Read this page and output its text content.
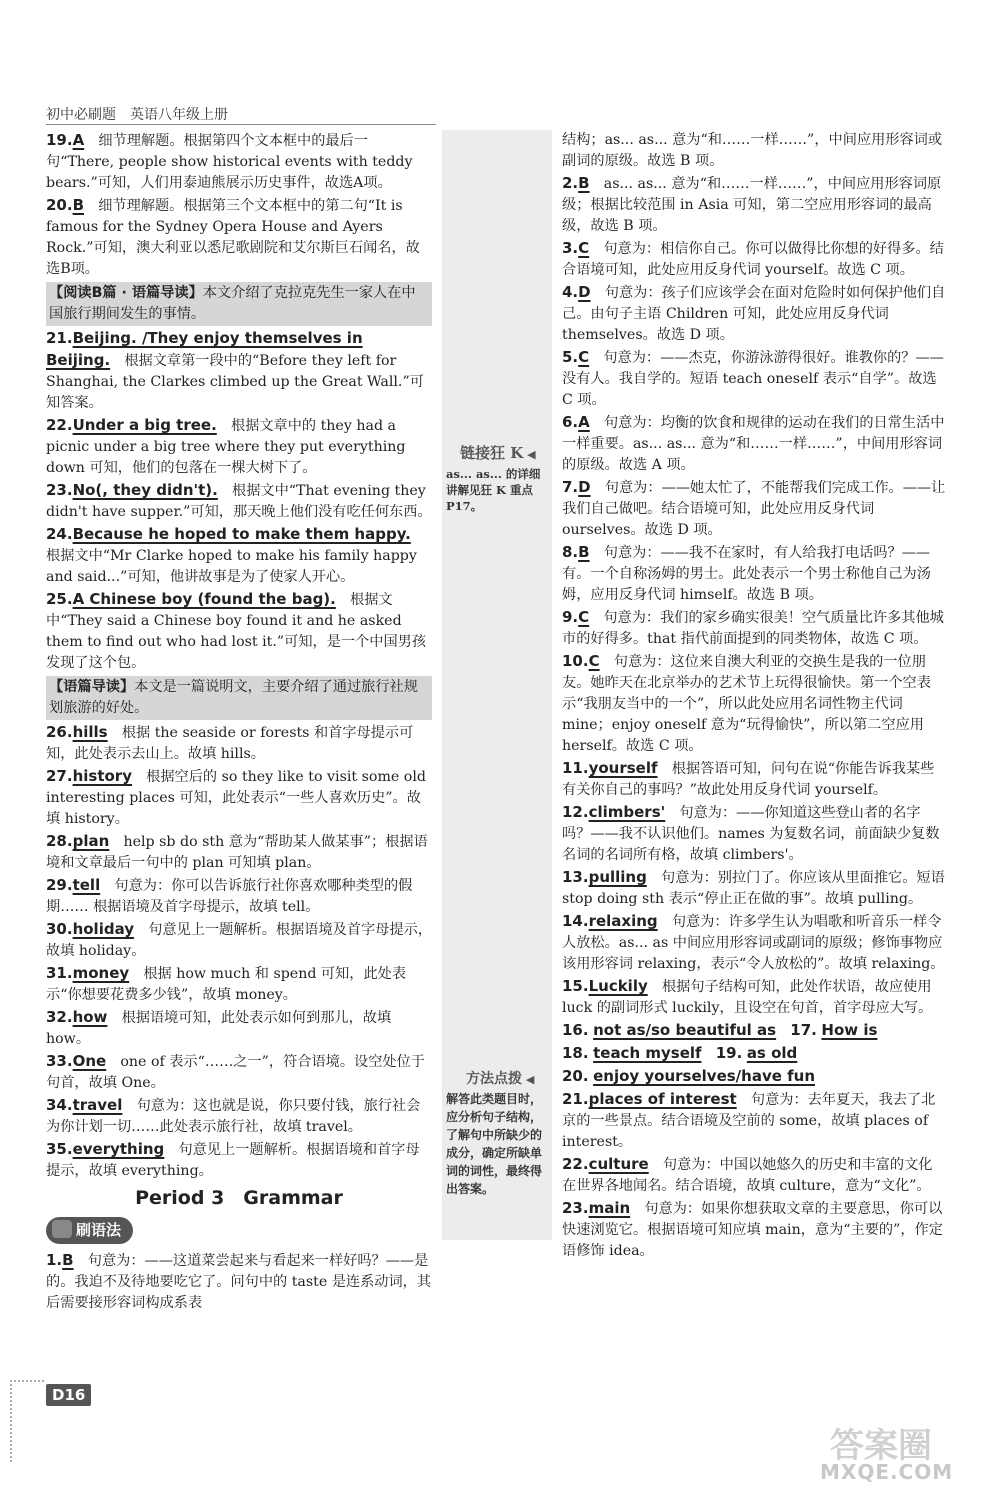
初中必刷题　英语八年级上册
链接狂 K ◀
as... as... 的详细讲解见狂 K 重点 P17。
方法点拨 ◀
解答此类题目时，应分析句子结构，了解句中所缺少的成分，确定所缺单词的词性，最终得出答案。
19.A  细节理解题。根据第四个文本框中的最后一句“There, people show historical events with teddy bears.”可知，人们用泰迪熊展示历史事件，故选A项。
20.B  细节理解题。根据第三个文本框中的第二句“It is famous for the Sydney Opera House and Ayers Rock.”可知，澳大利亚以悉尼歌剧院和艾尔斯巨石闻名，故选B项。
【阅读B篇 · 语篇导读】本文介绍了克拉克先生一家人在中国旅行期间发生的事情。
21.Beijing. /They enjoy themselves in Beijing.  根据文章第一段中的“Before they left for Shanghai, the Clarkes climbed up the Great Wall.”可知答案。
22.Under a big tree.  根据文章中的 they had a picnic under a big tree where they put everything down 可知，他们的包落在一棵大树下了。
23.No(, they didn't).  根据文中“That evening they didn't have supper.”可知，那天晚上他们没有吃任何东西。
24.Because he hoped to make them happy. 根据文中“Mr Clarke hoped to make his family happy and said...”可知，他讲故事是为了使家人开心。
25.A Chinese boy (found the bag).  根据文中“They said a Chinese boy found it and he asked them to find out who had lost it.”可知，是一个中国男孩发现了这个包。
【语篇导读】本文是一篇说明文，主要介绍了通过旅行社规划旅游的好处。
26.hills  根据 the seaside or forests 和首字母提示可知，此处表示去山上。故填 hills。
27.history  根据空后的 so they like to visit some old interesting places 可知，此处表示“一些人喜欢历史”。故填 history。
28.plan  help sb do sth 意为“帮助某人做某事”；根据语境和文章最后一句中的 plan 可知填 plan。
29.tell  句意为：你可以告诉旅行社你喜欢哪种类型的假期…… 根据语境及首字母提示，故填 tell。
30.holiday  句意见上一题解析。根据语境及首字母提示，故填 holiday。
31.money  根据 how much 和 spend 可知，此处表示“你想要花费多少钱”，故填 money。
32.how  根据语境可知，此处表示如何到那儿，故填 how。
33.One  one of 表示“……之一”，符合语境。设空处位于句首，故填 One。
34.travel  句意为：这也就是说，你只要付钱，旅行社会为你计划一切……此处表示旅行社，故填 travel。
35.everything  句意见上一题解析。根据语境和首字母提示，故填 everything。
Period 3　Grammar
刷语法
1.B  句意为：——这道菜尝起来与看起来一样好吗？——是的。我迫不及待地要吃它了。问句中的 taste 是连系动词，其后需要接形容词构成系表
结构；as... as... 意为“和……一样……”，中间应用形容词或副词的原级。故选 B 项。
2.B  as... as... 意为“和……一样……”，中间应用形容词原级；根据比较范围 in Asia 可知，第二空应用形容词的最高级，故选 B 项。
3.C  句意为：相信你自己。你可以做得比你想的好得多。结合语境可知，此处应用反身代词 yourself。故选 C 项。
4.D  句意为：孩子们应该学会在面对危险时如何保护他们自己。由句子主语 Children 可知，此处应用反身代词 themselves。故选 D 项。
5.C  句意为：——杰克，你游泳游得很好。谁教你的？——没有人。我自学的。短语 teach oneself 表示“自学”。故选 C 项。
6.A  句意为：均衡的饮食和规律的运动在我们的日常生活中一样重要。as... as... 意为“和……一样……”，中间用形容词的原级。故选 A 项。
7.D  句意为：——她太忙了，不能帮我们完成工作。——让我们自己做吧。结合语境可知，此处应用反身代词 ourselves。故选 D 项。
8.B  句意为：——我不在家时，有人给我打电话吗？——有。一个自称汤姆的男士。此处表示一个男士称他自己为汤姆，应用反身代词 himself。故选 B 项。
9.C  句意为：我们的家乡确实很美！空气质量比许多其他城市的好得多。that 指代前面提到的同类物体，故选 C 项。
10.C  句意为：这位来自澳大利亚的交换生是我的一位朋友。她昨天在北京举办的艺术节上玩得很愉快。第一个空表示“我朋友当中的一个”，所以此处应用名词性物主代词 mine；enjoy oneself 意为“玩得愉快”，所以第二空应用 herself。故选 C 项。
11.yourself  根据答语可知，问句在说“你能告诉我某些有关你自己的事吗？”故此处用反身代词 yourself。
12.climbers'  句意为：——你知道这些登山者的名字吗？——我不认识他们。names 为复数名词，前面缺少复数名词的名词所有格，故填 climbers'。
13.pulling  句意为：别拉门了。你应该从里面推它。短语 stop doing sth 表示“停止正在做的事”。故填 pulling。
14.relaxing  句意为：许多学生认为唱歌和听音乐一样令人放松。as... as 中间应用形容词或副词的原级；修饰事物应该用形容词 relaxing，表示“令人放松的”。故填 relaxing。
15.Luckily  根据句子结构可知，此处作状语，故应使用 luck 的副词形式 luckily，且设空在句首，首字母应大写。
16. not as/so beautiful as  17. How is
18. teach myself  19. as old
20. enjoy yourselves/have fun 
21.places of interest  句意为：去年夏天，我去了北京的一些景点。结合语境及空前的 some，故填 places of interest。
22.culture  句意为：中国以她悠久的历史和丰富的文化在世界各地闻名。结合语境，故填 culture，意为“文化”。
23.main  句意为：如果你想获取文章的主要意思，你可以快速浏览它。根据语境可知应填 main，意为“主要的”，作定语修饰 idea。
D16
答案圈
MXQE.COM
